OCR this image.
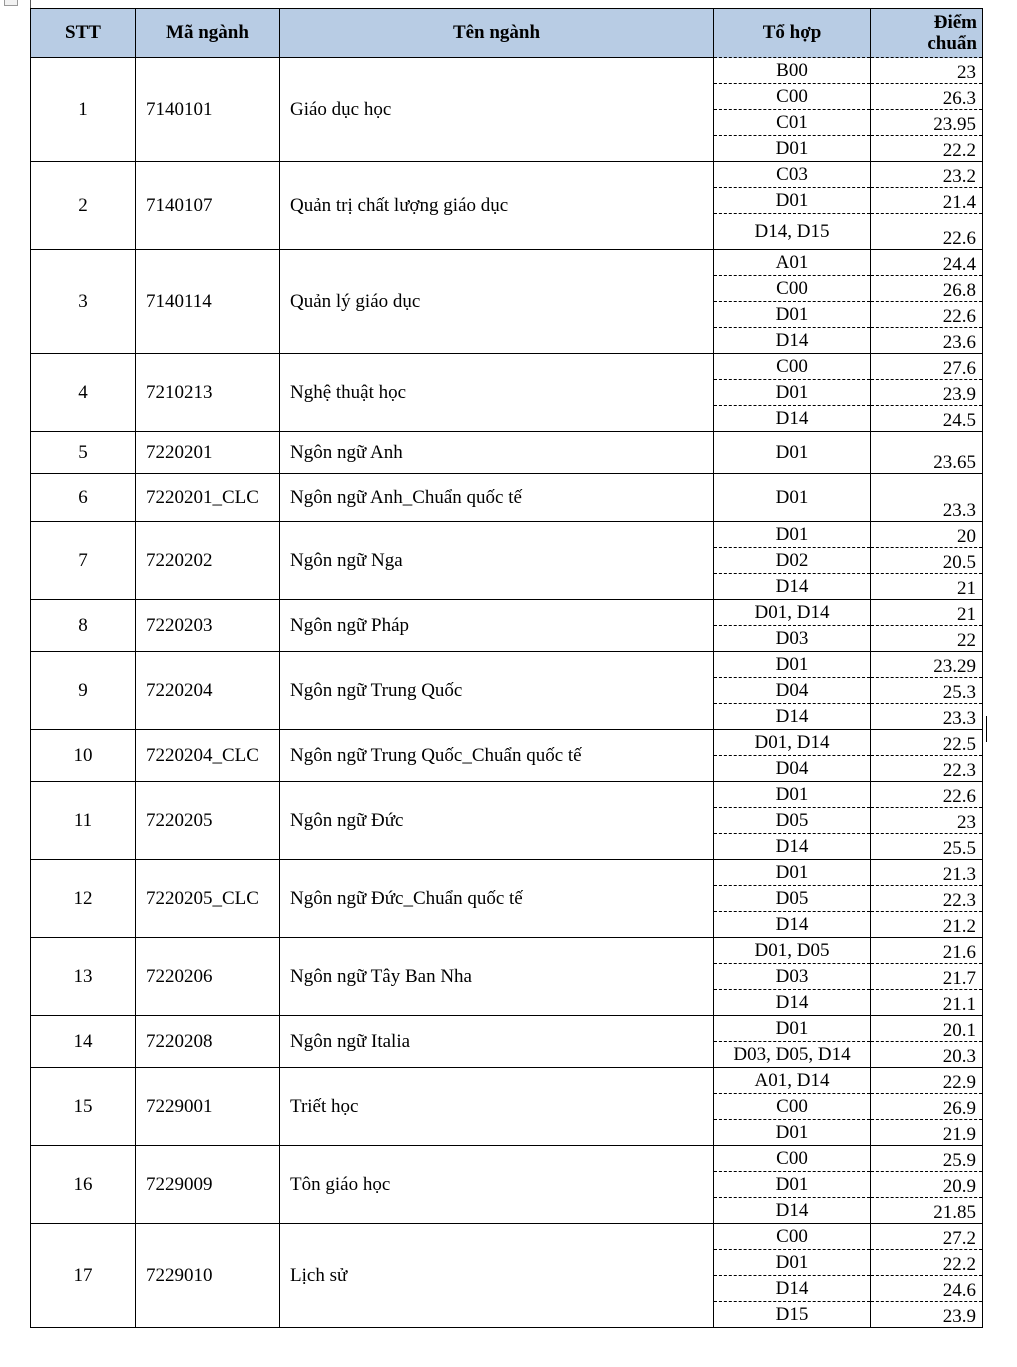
STT	Mã ngành	Tên ngành	Tổ hợp	Điểm
chuẩn
1	7140101	Giáo dục học	B00	23
			C00	26.3
			C01	23.95
			D01	22.2
2	7140107	Quản trị chất lượng giáo dục	C03	23.2
			D01	21.4
			D14, D15	22.6
3	7140114	Quản lý giáo dục	A01	24.4
			C00	26.8
			D01	22.6
			D14	23.6
4	7210213	Nghệ thuật học	C00	27.6
			D01	23.9
			D14	24.5
5	7220201	Ngôn ngữ Anh	D01	23.65
6	7220201_CLC	Ngôn ngữ Anh_Chuẩn quốc tế	D01	23.3
7	7220202	Ngôn ngữ Nga	D01	20
			D02	20.5
			D14	21
8	7220203	Ngôn ngữ Pháp	D01, D14	21
			D03	22
9	7220204	Ngôn ngữ Trung Quốc	D01	23.29
			D04	25.3
			D14	23.3
10	7220204_CLC	Ngôn ngữ Trung Quốc_Chuẩn quốc tế	D01, D14	22.5
			D04	22.3
11	7220205	Ngôn ngữ Đức	D01	22.6
			D05	23
			D14	25.5
12	7220205_CLC	Ngôn ngữ Đức_Chuẩn quốc tế	D01	21.3
			D05	22.3
			D14	21.2
13	7220206	Ngôn ngữ Tây Ban Nha	D01, D05	21.6
			D03	21.7
			D14	21.1
14	7220208	Ngôn ngữ Italia	D01	20.1
			D03, D05, D14	20.3
15	7229001	Triết học	A01, D14	22.9
			C00	26.9
			D01	21.9
16	7229009	Tôn giáo học	C00	25.9
			D01	20.9
			D14	21.85
17	7229010	Lịch sử	C00	27.2
			D01	22.2
			D14	24.6
			D15	23.9
